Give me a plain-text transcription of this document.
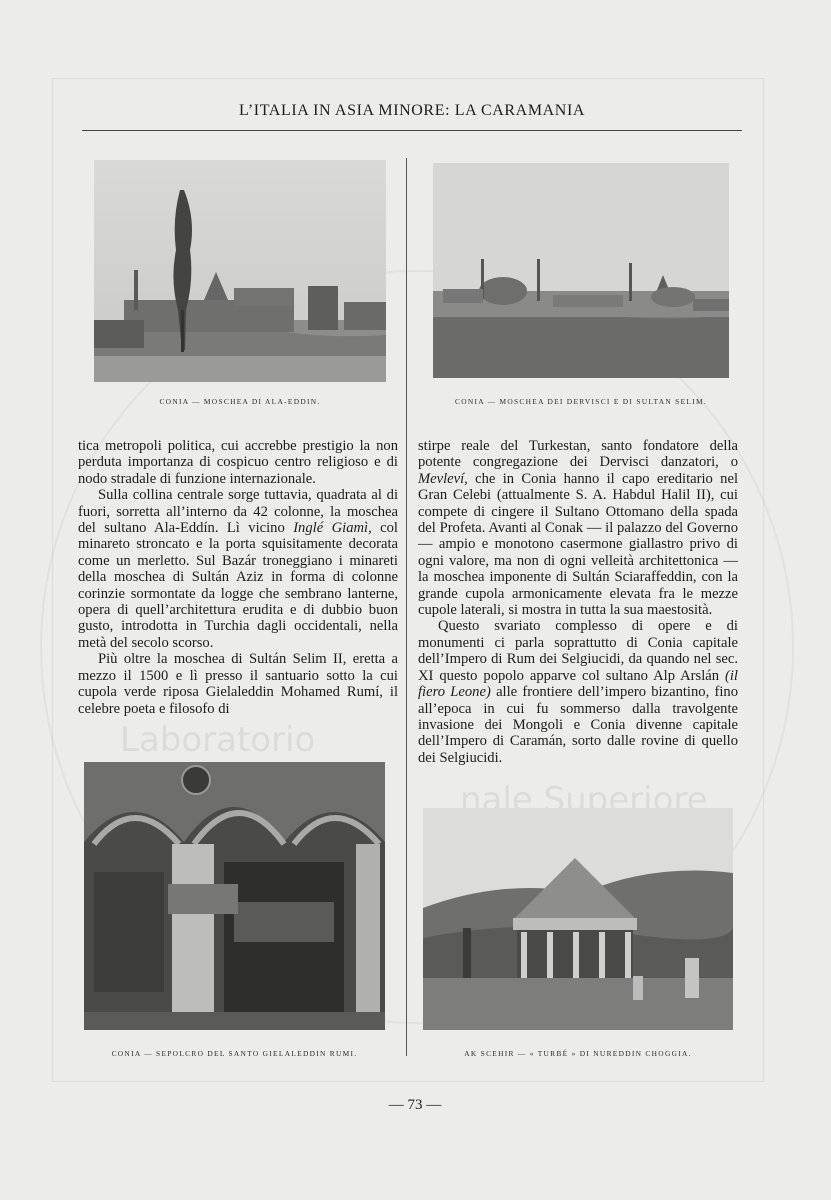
Laboratorio
nale Superiore
L’ITALIA IN ASIA MINORE: LA CARAMANIA
CONIA — MOSCHEA DI ALA-EDDIN.	CONIA — MOSCHEA DEI DERVISCI E DI SULTAN SELIM.

tica metropoli politica, cui accrebbe prestigio la non perduta importanza di cospicuo centro religioso e di nodo stradale di funzione internazionale.

Sulla collina centrale sorge tuttavia, quadrata al di fuori, sorretta all’interno da 42 colonne, la moschea del sultano Ala-Eddín. Lì vicino Inglé Giamì, col minareto stroncato e la porta squisitamente decorata come un merletto. Sul Bazár troneggiano i minareti della moschea di Sultán Aziz in forma di colonne corinzie sormontate da logge che sembrano lanterne, opera di quell’architettura erudita e di dubbio buon gusto, introdotta in Turchia dagli occidentali, nella metà del secolo scorso.

Più oltre la moschea di Sultán Selim II, eretta a mezzo il 1500 e lì presso il santuario sotto la cui cupola verde riposa Gielaleddin Mohamed Rumí, il celebre poeta e filosofo di

stirpe reale del Turkestan, santo fondatore della potente congregazione dei Dervisci danzatori, o Mevleví, che in Conia hanno il capo ereditario nel Gran Celebi (attualmente S. A. Habdul Halil II), cui compete di cingere il Sultano Ottomano della spada del Profeta. Avanti al Conak — il palazzo del Governo — ampio e monotono casermone giallastro privo di ogni valore, ma non di ogni velleità architettonica — la moschea imponente di Sultán Sciaraffeddin, con la grande cupola armonicamente elevata fra le mezze cupole laterali, si mostra in tutta la sua maestosità.

Questo svariato complesso di opere e di monumenti ci parla soprattutto di Conia capitale dell’Impero di Rum dei Selgiucidi, da quando nel sec. XI questo popolo apparve col sultano Alp Arslán (il fiero Leone) alle frontiere dell’impero bizantino, fino all’epoca in cui fu sommerso dalla travolgente invasione dei Mongoli e Conia divenne capitale dell’Impero di Caramán, sorto dalle rovine di quello dei Selgiucidi.

CONIA — SEPOLCRO DEL SANTO GIELALEDDIN RUMI.	AK SCEHIR — « TURBÉ » DI NUREDDIN CHOGGIA.
— 73 —
